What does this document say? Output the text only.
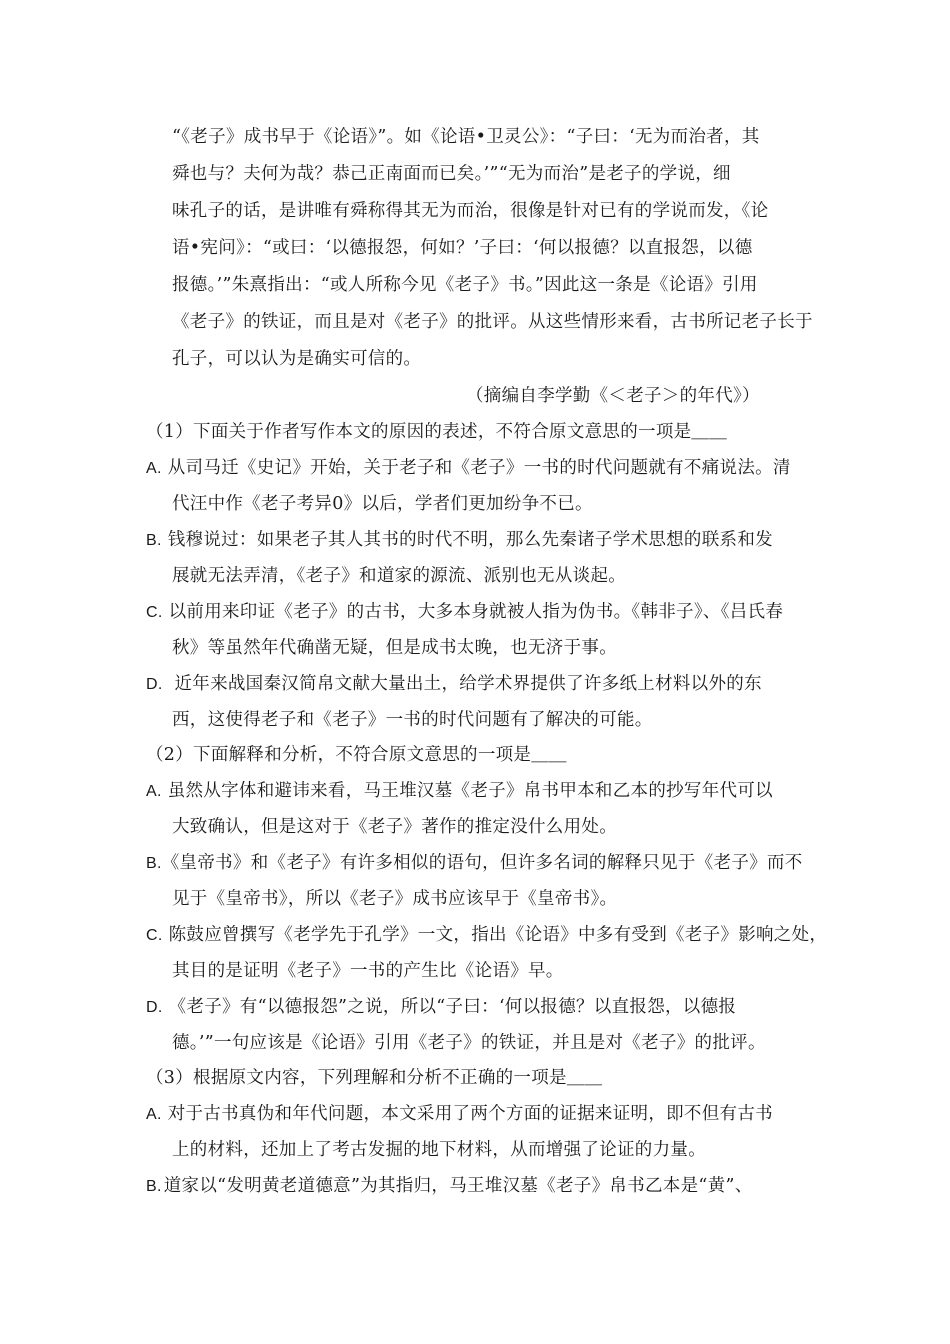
“《老子》成书早于《论语》”。如《论语•卫灵公》：“子曰：‘无为而治者，其
舜也与？夫何为哉？恭己正南面而已矣。’”“无为而治”是老子的学说，细
味孔子的话，是讲唯有舜称得其无为而治，很像是针对已有的学说而发，《论
语•宪问》：“或曰：‘以德报怨，何如？’子曰：‘何以报德？以直报怨，以德
报德。’”朱熹指出：“或人所称今见《老子》书。”因此这一条是《论语》引用
《老子》的铁证，而且是对《老子》的批评。从这些情形来看，古书所记老子长于
孔子，可以认为是确实可信的。
（摘编自李学勤《＜老子＞的年代》）
（1）下面关于作者写作本文的原因的表述，不符合原文意思的一项是＿＿
A. 从司马迁《史记》开始，关于老子和《老子》一书的时代问题就有不痛说法。清
代汪中作《老子考异0》以后，学者们更加纷争不已。
B. 钱穆说过：如果老子其人其书的时代不明，那么先秦诸子学术思想的联系和发
展就无法弄清，《老子》和道家的源流、派别也无从谈起。
C. 以前用来印证《老子》的古书，大多本身就被人指为伪书。《韩非子》、《吕氏春
秋》等虽然年代确凿无疑，但是成书太晚，也无济于事。
D. 近年来战国秦汉简帛文献大量出土，给学术界提供了许多纸上材料以外的东
西，这使得老子和《老子》一书的时代问题有了解决的可能。
（2）下面解释和分析，不符合原文意思的一项是＿＿
A. 虽然从字体和避讳来看，马王堆汉墓《老子》帛书甲本和乙本的抄写年代可以
大致确认，但是这对于《老子》著作的推定没什么用处。
B.《皇帝书》和《老子》有许多相似的语句，但许多名词的解释只见于《老子》而不
见于《皇帝书》，所以《老子》成书应该早于《皇帝书》。
C. 陈鼓应曾撰写《老学先于孔学》一文，指出《论语》中多有受到《老子》影响之处，
其目的是证明《老子》一书的产生比《论语》早。
D. 《老子》有“以德报怨”之说，所以“子曰：‘何以报德？以直报怨，以德报
德。’”一句应该是《论语》引用《老子》的铁证，并且是对《老子》的批评。
（3）根据原文内容，下列理解和分析不正确的一项是＿＿
A. 对于古书真伪和年代问题，本文采用了两个方面的证据来证明，即不但有古书
上的材料，还加上了考古发掘的地下材料，从而增强了论证的力量。
B. 道家以“发明黄老道德意”为其指归，马王堆汉墓《老子》帛书乙本是“黄”、
